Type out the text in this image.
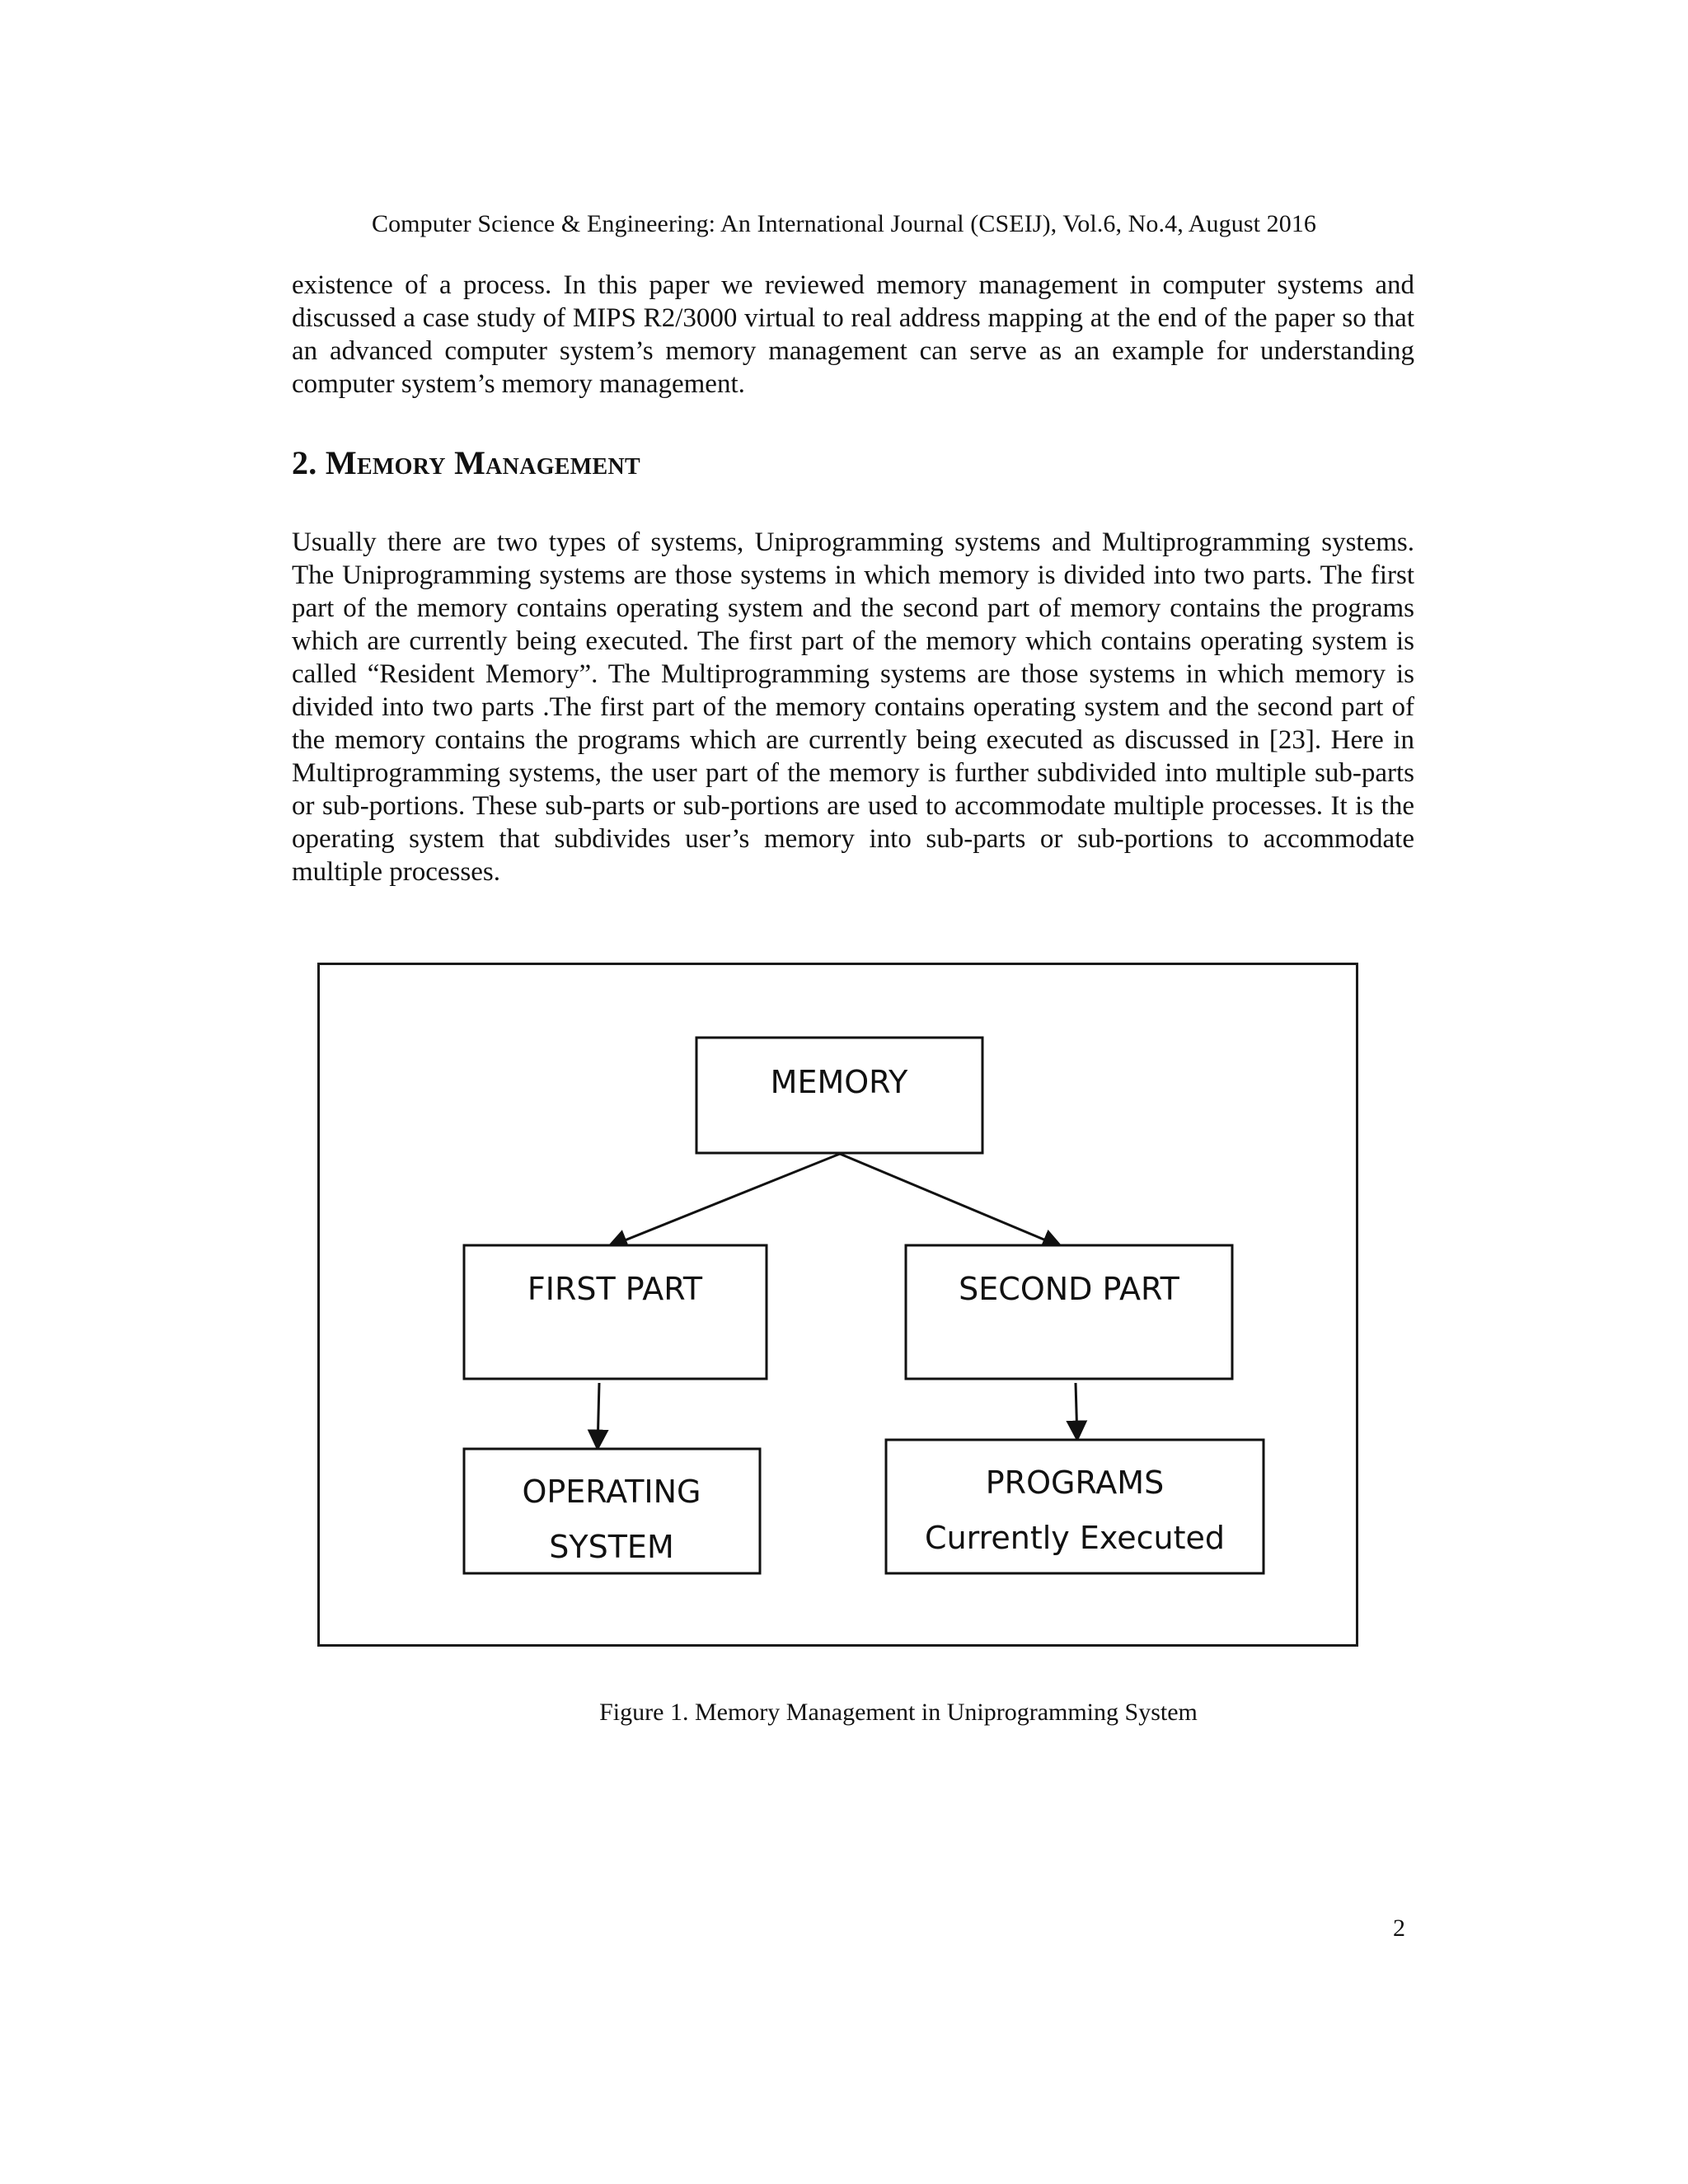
Computer Science & Engineering: An International Journal (CSEIJ), Vol.6, No.4, August 2016

existence of a process. In this paper we reviewed memory management in computer systems and discussed a case study of MIPS R2/3000 virtual to real address mapping at the end of the paper so that an advanced computer system’s memory management can serve as an example for understanding computer system’s memory management.

2. Memory Management

Usually there are two types of systems, Uniprogramming systems and Multiprogramming systems. The Uniprogramming systems are those systems in which memory is divided into two parts. The first part of the memory contains operating system and the second part of memory contains the programs which are currently being executed. The first part of the memory which contains operating system is called “Resident Memory”. The Multiprogramming systems are those systems in which memory is divided into two parts .The first part of the memory contains operating system and the second part of the memory contains the programs which are currently being executed as discussed in [23]. Here in Multiprogramming systems, the user part of the memory is further subdivided into multiple sub-parts or sub-portions. These sub-parts or sub-portions are used to accommodate multiple processes. It is the operating system that subdivides user’s memory into sub-parts or sub-portions to accommodate multiple processes.

MEMORY
FIRST PART	SECOND PART
OPERATING
SYSTEM
PROGRAMS
Currently Executed
Figure 1. Memory Management in Uniprogramming System
2
